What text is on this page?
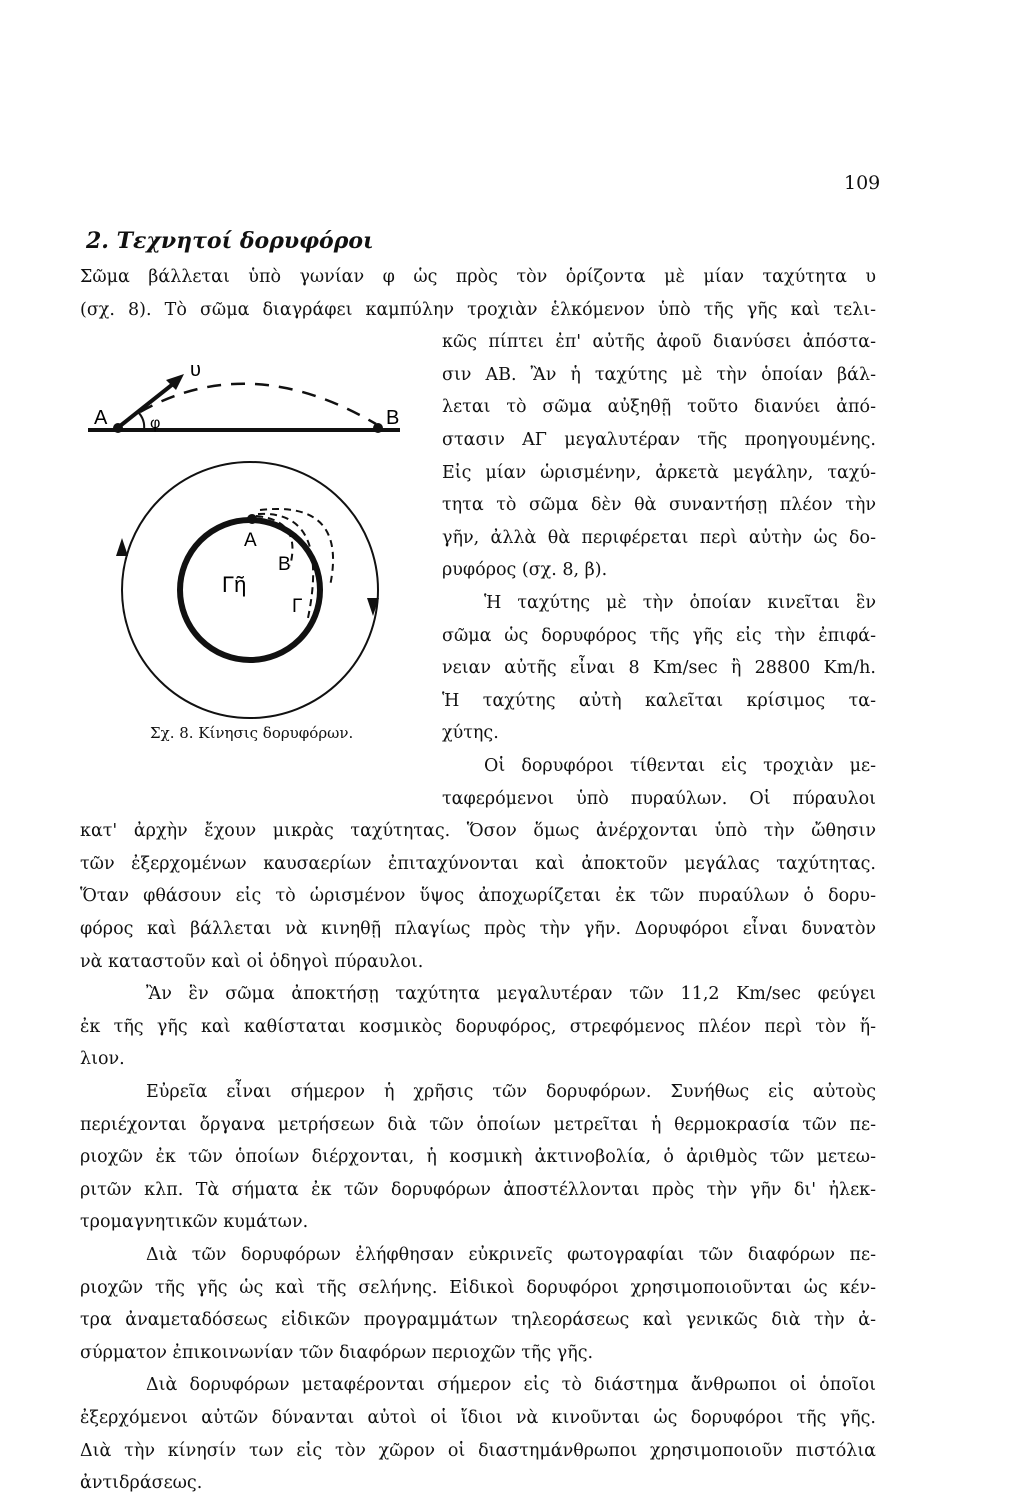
109
2. Τεχνητοί δορυφόροι
Α	Β
υ
φ
Α
Β
Γ
Γῆ
Σχ. 8. Κίνησις δορυφόρων.
Σῶμα βάλλεται ὑπὸ γωνίαν φ ὡς πρὸς τὸν ὁρίζοντα μὲ μίαν ταχύτητα υ
(σχ. 8). Τὸ σῶμα διαγράφει καμπύλην τροχιὰν ἑλκόμενον ὑπὸ τῆς γῆς καὶ τελι-
κῶς πίπτει ἐπ' αὐτῆς ἀφοῦ διανύσει ἀπόστα-
σιν ΑΒ. Ἂν ἡ ταχύτης μὲ τὴν ὁποίαν βάλ-
λεται τὸ σῶμα αὐξηθῇ τοῦτο διανύει ἀπό-
στασιν ΑΓ μεγαλυτέραν τῆς προηγουμένης.
Εἰς μίαν ὡρισμένην, ἀρκετὰ μεγάλην, ταχύ-
τητα τὸ σῶμα δὲν θὰ συναντήσῃ πλέον τὴν
γῆν, ἀλλὰ θὰ περιφέρεται περὶ αὐτὴν ὡς δο-
ρυφόρος (σχ. 8, β).
Ἡ ταχύτης μὲ τὴν ὁποίαν κινεῖται ἓν
σῶμα ὡς δορυφόρος τῆς γῆς εἰς τὴν ἐπιφά-
νειαν αὐτῆς εἶναι 8 Km/sec ἢ 28800 Km/h.
Ἡ ταχύτης αὐτὴ καλεῖται κρίσιμος τα-
χύτης.
Οἱ δορυφόροι τίθενται εἰς τροχιὰν με-
ταφερόμενοι ὑπὸ πυραύλων. Οἱ πύραυλοι
κατ' ἀρχὴν ἔχουν μικρὰς ταχύτητας. Ὅσον ὅμως ἀνέρχονται ὑπὸ τὴν ὤθησιν
τῶν ἐξερχομένων καυσαερίων ἐπιταχύνονται καὶ ἀποκτοῦν μεγάλας ταχύτητας.
Ὅταν φθάσουν εἰς τὸ ὡρισμένον ὕψος ἀποχωρίζεται ἐκ τῶν πυραύλων ὁ δορυ-
φόρος καὶ βάλλεται νὰ κινηθῇ πλαγίως πρὸς τὴν γῆν. Δορυφόροι εἶναι δυνατὸν
νὰ καταστοῦν καὶ οἱ ὁδηγοὶ πύραυλοι.
Ἂν ἓν σῶμα ἀποκτήσῃ ταχύτητα μεγαλυτέραν τῶν 11,2 Km/sec φεύγει
ἐκ τῆς γῆς καὶ καθίσταται κοσμικὸς δορυφόρος, στρεφόμενος πλέον περὶ τὸν ἥ-
λιον.
Εὐρεῖα εἶναι σήμερον ἡ χρῆσις τῶν δορυφόρων. Συνήθως εἰς αὐτοὺς
περιέχονται ὄργανα μετρήσεων διὰ τῶν ὁποίων μετρεῖται ἡ θερμοκρασία τῶν πε-
ριοχῶν ἐκ τῶν ὁποίων διέρχονται, ἡ κοσμικὴ ἀκτινοβολία, ὁ ἀριθμὸς τῶν μετεω-
ριτῶν κλπ. Τὰ σήματα ἐκ τῶν δορυφόρων ἀποστέλλονται πρὸς τὴν γῆν δι' ἠλεκ-
τρομαγνητικῶν κυμάτων.
Διὰ τῶν δορυφόρων ἐλήφθησαν εὐκρινεῖς φωτογραφίαι τῶν διαφόρων πε-
ριοχῶν τῆς γῆς ὡς καὶ τῆς σελήνης. Εἰδικοὶ δορυφόροι χρησιμοποιοῦνται ὡς κέν-
τρα ἀναμεταδόσεως εἰδικῶν προγραμμάτων τηλεοράσεως καὶ γενικῶς διὰ τὴν ἀ-
σύρματον ἐπικοινωνίαν τῶν διαφόρων περιοχῶν τῆς γῆς.
Διὰ δορυφόρων μεταφέρονται σήμερον εἰς τὸ διάστημα ἄνθρωποι οἱ ὁποῖοι
ἐξερχόμενοι αὐτῶν δύνανται αὐτοὶ οἱ ἴδιοι νὰ κινοῦνται ὡς δορυφόροι τῆς γῆς.
Διὰ τὴν κίνησίν των εἰς τὸν χῶρον οἱ διαστημάνθρωποι χρησιμοποιοῦν πιστόλια
ἀντιδράσεως.
